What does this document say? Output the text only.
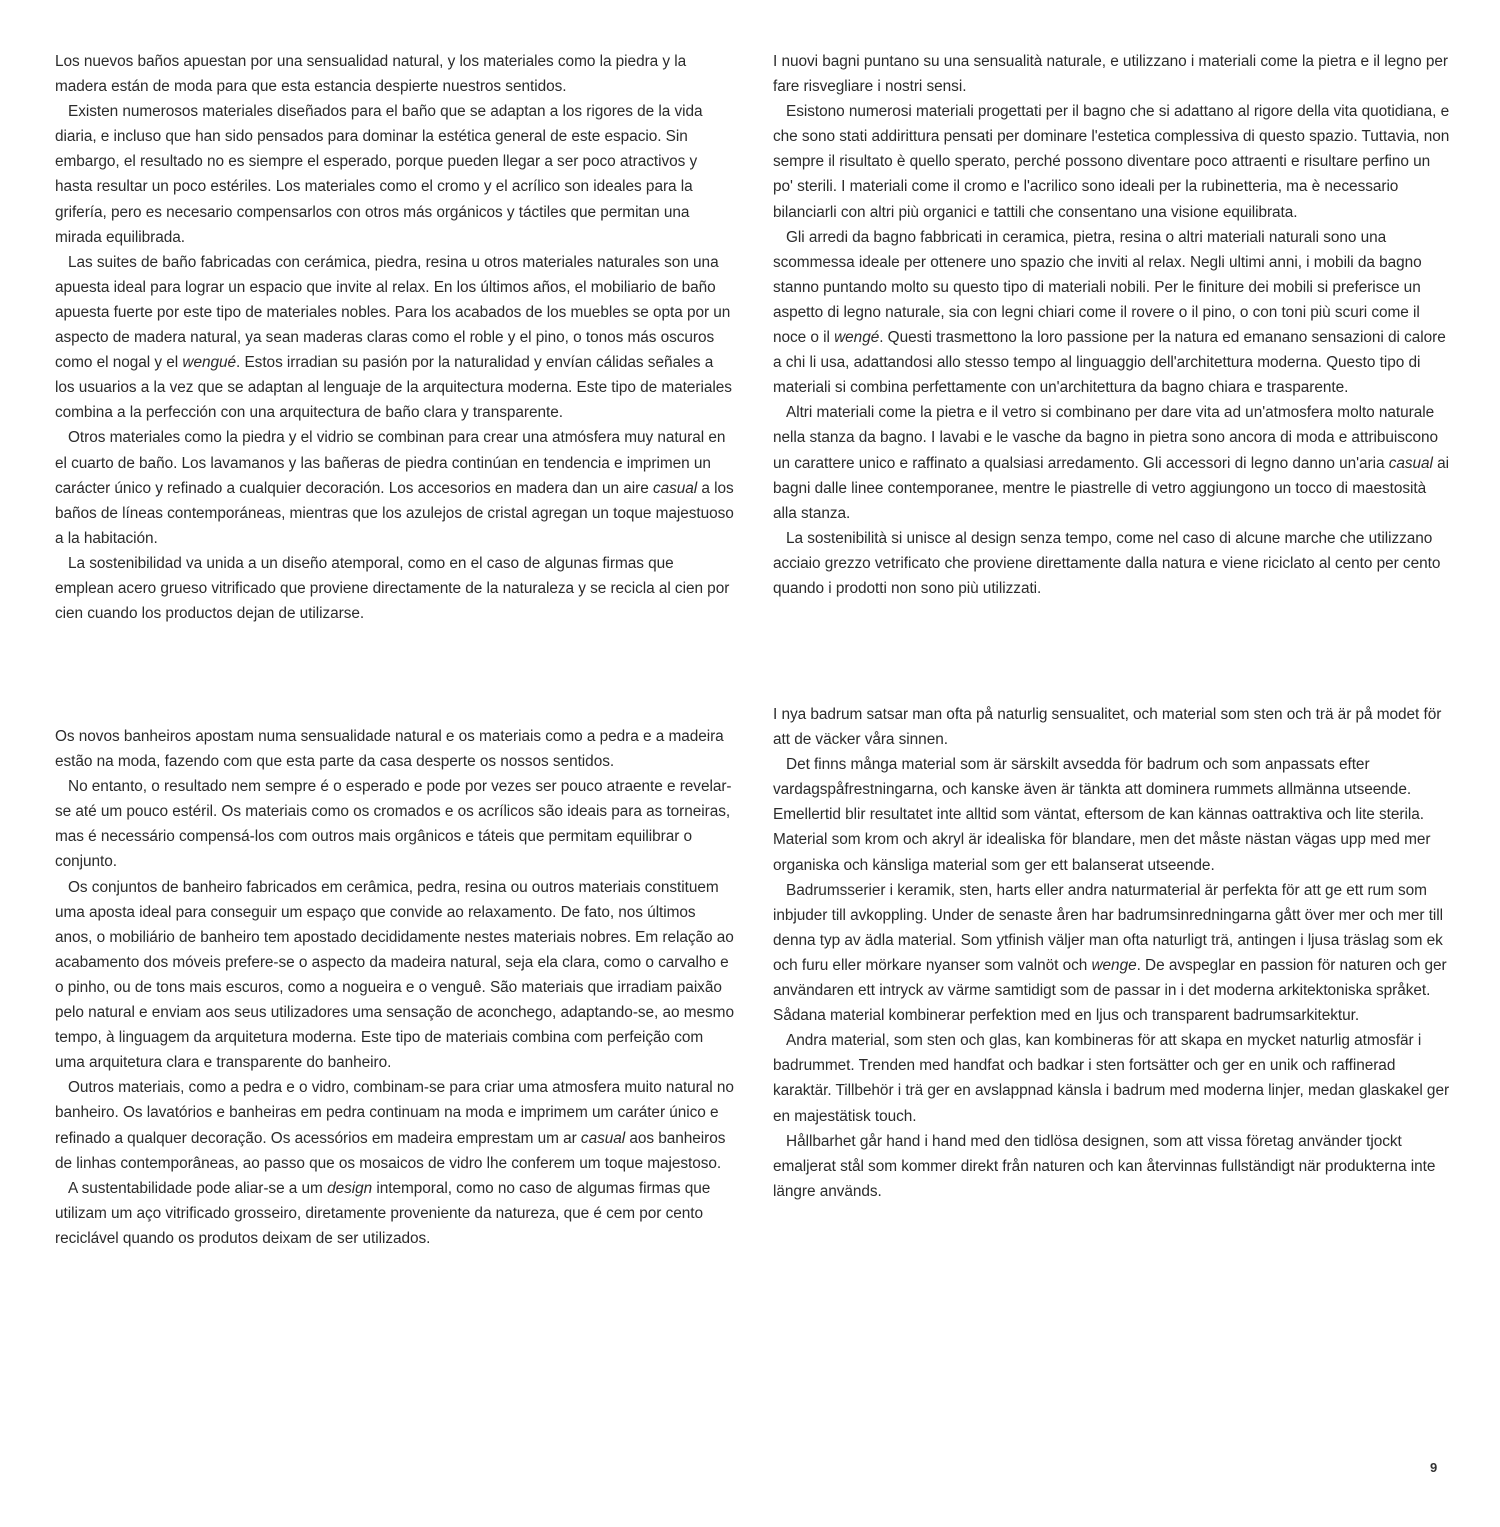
Los nuevos baños apuestan por una sensualidad natural, y los materiales como la piedra y la madera están de moda para que esta estancia despierte nuestros sentidos.

Existen numerosos materiales diseñados para el baño que se adaptan a los rigores de la vida diaria, e incluso que han sido pensados para dominar la estética general de este espacio. Sin embargo, el resultado no es siempre el esperado, porque pueden llegar a ser poco atractivos y hasta resultar un poco estériles. Los materiales como el cromo y el acrílico son ideales para la grifería, pero es necesario compensarlos con otros más orgánicos y táctiles que permitan una mirada equilibrada.

Las suites de baño fabricadas con cerámica, piedra, resina u otros materiales naturales son una apuesta ideal para lograr un espacio que invite al relax. En los últimos años, el mobiliario de baño apuesta fuerte por este tipo de materiales nobles. Para los acabados de los muebles se opta por un aspecto de madera natural, ya sean maderas claras como el roble y el pino, o tonos más oscuros como el nogal y el wengué. Estos irradian su pasión por la naturalidad y envían cálidas señales a los usuarios a la vez que se adaptan al lenguaje de la arquitectura moderna. Este tipo de materiales combina a la perfección con una arquitectura de baño clara y transparente.

Otros materiales como la piedra y el vidrio se combinan para crear una atmósfera muy natural en el cuarto de baño. Los lavamanos y las bañeras de piedra continúan en tendencia e imprimen un carácter único y refinado a cualquier decoración. Los accesorios en madera dan un aire casual a los baños de líneas contemporáneas, mientras que los azulejos de cristal agregan un toque majestuoso a la habitación.

La sostenibilidad va unida a un diseño atemporal, como en el caso de algunas firmas que emplean acero grueso vitrificado que proviene directamente de la naturaleza y se recicla al cien por cien cuando los productos dejan de utilizarse.

I nuovi bagni puntano su una sensualità naturale, e utilizzano i materiali come la pietra e il legno per fare risvegliare i nostri sensi.

Esistono numerosi materiali progettati per il bagno che si adattano al rigore della vita quotidiana, e che sono stati addirittura pensati per dominare l'estetica complessiva di questo spazio. Tuttavia, non sempre il risultato è quello sperato, perché possono diventare poco attraenti e risultare perfino un po' sterili. I materiali come il cromo e l'acrilico sono ideali per la rubinetteria, ma è necessario bilanciarli con altri più organici e tattili che consentano una visione equilibrata.

Gli arredi da bagno fabbricati in ceramica, pietra, resina o altri materiali naturali sono una scommessa ideale per ottenere uno spazio che inviti al relax. Negli ultimi anni, i mobili da bagno stanno puntando molto su questo tipo di materiali nobili. Per le finiture dei mobili si preferisce un aspetto di legno naturale, sia con legni chiari come il rovere o il pino, o con toni più scuri come il noce o il wengé. Questi trasmettono la loro passione per la natura ed emanano sensazioni di calore a chi li usa, adattandosi allo stesso tempo al linguaggio dell'architettura moderna. Questo tipo di materiali si combina perfettamente con un'architettura da bagno chiara e trasparente.

Altri materiali come la pietra e il vetro si combinano per dare vita ad un'atmosfera molto naturale nella stanza da bagno. I lavabi e le vasche da bagno in pietra sono ancora di moda e attribuiscono un carattere unico e raffinato a qualsiasi arredamento. Gli accessori di legno danno un'aria casual ai bagni dalle linee contemporanee, mentre le piastrelle di vetro aggiungono un tocco di maestosità alla stanza.

La sostenibilità si unisce al design senza tempo, come nel caso di alcune marche che utilizzano acciaio grezzo vetrificato che proviene direttamente dalla natura e viene riciclato al cento per cento quando i prodotti non sono più utilizzati.

Os novos banheiros apostam numa sensualidade natural e os materiais como a pedra e a madeira estão na moda, fazendo com que esta parte da casa desperte os nossos sentidos.

No entanto, o resultado nem sempre é o esperado e pode por vezes ser pouco atraente e revelar-se até um pouco estéril. Os materiais como os cromados e os acrílicos são ideais para as torneiras, mas é necessário compensá-los com outros mais orgânicos e táteis que permitam equilibrar o conjunto.

Os conjuntos de banheiro fabricados em cerâmica, pedra, resina ou outros materiais constituem uma aposta ideal para conseguir um espaço que convide ao relaxamento. De fato, nos últimos anos, o mobiliário de banheiro tem apostado decididamente nestes materiais nobres. Em relação ao acabamento dos móveis prefere-se o aspecto da madeira natural, seja ela clara, como o carvalho e o pinho, ou de tons mais escuros, como a nogueira e o venguê. São materiais que irradiam paixão pelo natural e enviam aos seus utilizadores uma sensação de aconchego, adaptando-se, ao mesmo tempo, à linguagem da arquitetura moderna. Este tipo de materiais combina com perfeição com uma arquitetura clara e transparente do banheiro.

Outros materiais, como a pedra e o vidro, combinam-se para criar uma atmosfera muito natural no banheiro. Os lavatórios e banheiras em pedra continuam na moda e imprimem um caráter único e refinado a qualquer decoração. Os acessórios em madeira emprestam um ar casual aos banheiros de linhas contemporâneas, ao passo que os mosaicos de vidro lhe conferem um toque majestoso.

A sustentabilidade pode aliar-se a um design intemporal, como no caso de algumas firmas que utilizam um aço vitrificado grosseiro, diretamente proveniente da natureza, que é cem por cento reciclável quando os produtos deixam de ser utilizados.

I nya badrum satsar man ofta på naturlig sensualitet, och material som sten och trä är på modet för att de väcker våra sinnen.

Det finns många material som är särskilt avsedda för badrum och som anpassats efter vardagspåfrestningarna, och kanske även är tänkta att dominera rummets allmänna utseende. Emellertid blir resultatet inte alltid som väntat, eftersom de kan kännas oattraktiva och lite sterila. Material som krom och akryl är idealiska för blandare, men det måste nästan vägas upp med mer organiska och känsliga material som ger ett balanserat utseende.

Badrumsserier i keramik, sten, harts eller andra naturmaterial är perfekta för att ge ett rum som inbjuder till avkoppling. Under de senaste åren har badrumsinredningarna gått över mer och mer till denna typ av ädla material. Som ytfinish väljer man ofta naturligt trä, antingen i ljusa träslag som ek och furu eller mörkare nyanser som valnöt och wenge. De avspeglar en passion för naturen och ger användaren ett intryck av värme samtidigt som de passar in i det moderna arkitektoniska språket. Sådana material kombinerar perfektion med en ljus och transparent badrumsarkitektur.

Andra material, som sten och glas, kan kombineras för att skapa en mycket naturlig atmosfär i badrummet. Trenden med handfat och badkar i sten fortsätter och ger en unik och raffinerad karaktär. Tillbehör i trä ger en avslappnad känsla i badrum med moderna linjer, medan glaskakel ger en majestätisk touch.

Hållbarhet går hand i hand med den tidlösa designen, som att vissa företag använder tjockt emaljerat stål som kommer direkt från naturen och kan återvinnas fullständigt när produkterna inte längre används.

9
